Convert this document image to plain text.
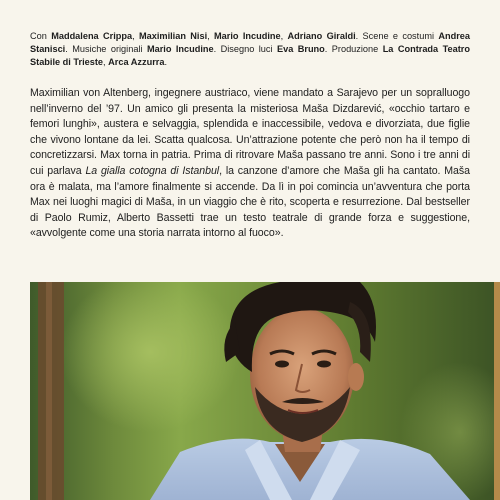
Con Maddalena Crippa, Maximilian Nisi, Mario Incudine, Adriano Giraldi. Scene e costumi Andrea Stanisci. Musiche originali Mario Incudine. Disegno luci Eva Bruno. Produzione La Contrada Teatro Stabile di Trieste, Arca Azzurra.
Maximilian von Altenberg, ingegnere austriaco, viene mandato a Sarajevo per un sopralluogo nell’inverno del ’97. Un amico gli presenta la misteriosa Maša Dizdarević, «occhio tartaro e femori lunghi», austera e selvaggia, splendida e inaccessibile, vedova e divorziata, due figlie che vivono lontane da lei. Scatta qualcosa. Un’attrazione potente che però non ha il tempo di concretizzarsi. Max torna in patria. Prima di ritrovare Maša passano tre anni. Sono i tre anni di cui parlava La gialla cotogna di Istanbul, la canzone d’amore che Maša gli ha cantato. Maša ora è malata, ma l’amore finalmente si accende. Da lì in poi comincia un’avventura che porta Max nei luoghi magici di Maša, in un viaggio che è rito, scoperta e resurrezione. Dal bestseller di Paolo Rumiz, Alberto Bassetti trae un testo teatrale di grande forza e suggestione, «avvolgente come una storia narrata intorno al fuoco».
